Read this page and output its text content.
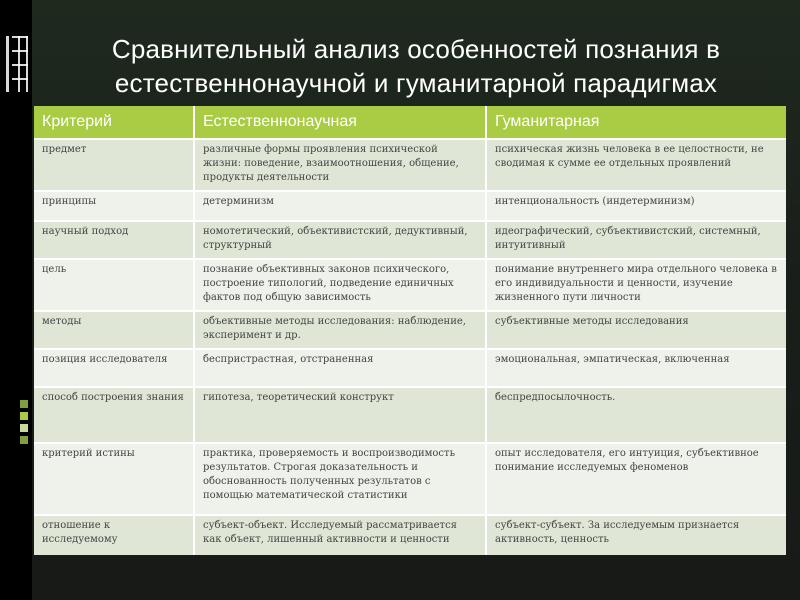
Сравнительный анализ особенностей познания в
естественнонаучной и гуманитарной парадигмах
Критерий	Естественнонаучная	Гуманитарная
предмет	различные формы проявления психической жизни: поведение, взаимоотношения, общение, продукты деятельности	психическая жизнь человека в ее целостности, не сводимая к сумме ее отдельных проявлений
принципы	детерминизм	интенциональность (индетерминизм)
научный подход	номотетический, объективистский, дедуктивный, структурный	идеографический, субъективистский, системный, интуитивный
цель	познание объективных законов психического, построение типологий, подведение единичных фактов под общую зависимость	понимание внутреннего мира отдельного человека в его индивидуальности и ценности, изучение жизненного пути личности
методы	объективные методы исследования: наблюдение, эксперимент и др.	субъективные методы исследования
позиция исследователя	беспристрастная, отстраненная	эмоциональная, эмпатическая, включенная
способ построения знания	гипотеза, теоретический конструкт	беспредпосылочность.
критерий истины	практика, проверяемость и воспроизводимость результатов. Строгая доказательность и обоснованность полученных результатов с помощью математической статистики	опыт исследователя, его интуиция, субъективное понимание исследуемых феноменов
отношение к исследуемому	субъект-объект. Исследуемый рассматривается как объект, лишенный активности и ценности	субъект-субъект. За исследуемым признается активность, ценность
